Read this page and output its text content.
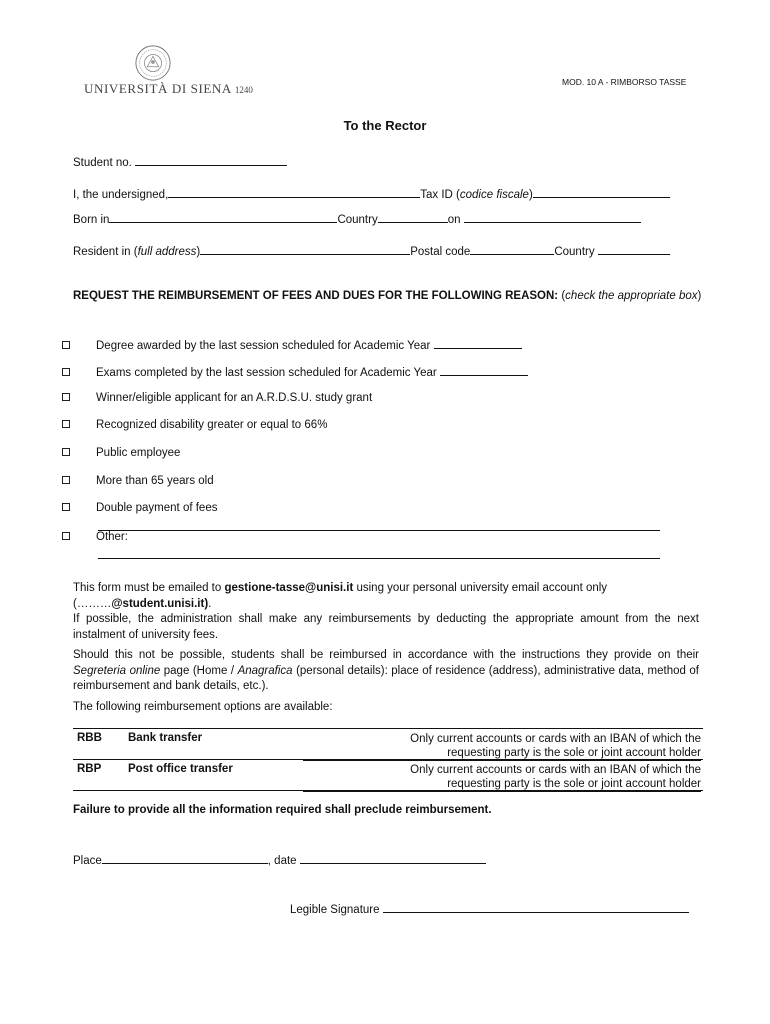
UNIVERSITÀ DI SIENA 1240
MOD. 10 A - RIMBORSO TASSE
To the Rector
Student no.
I, the undersigned,	Tax ID (codice fiscale)
Born in	Country	on
Resident in (full address)	Postal code	Country
REQUEST THE REIMBURSEMENT OF FEES AND DUES FOR THE FOLLOWING REASON: (check the appropriate box)
Degree awarded by the last session scheduled for Academic Year
Exams completed by the last session scheduled for Academic Year
Winner/eligible applicant for an A.R.D.S.U. study grant
Recognized disability greater or equal to 66%
Public employee
More than 65 years old
Double payment of fees
Other:
This form must be emailed to gestione-tasse@unisi.it using your personal university email account only
(………@student.unisi.it).
If possible, the administration shall make any reimbursements by deducting the appropriate amount from the next instalment of university fees.
Should this not be possible, students shall be reimbursed in accordance with the instructions they provide on their Segreteria online page (Home / Anagrafica (personal details): place of residence (address), administrative data, method of reimbursement and bank details, etc.).
The following reimbursement options are available:
RBB Bank transfer	Only current accounts or cards with an IBAN of which the
requesting party is the sole or joint account holder
RBP Post office transfer	Only current accounts or cards with an IBAN of which the
requesting party is the sole or joint account holder
Failure to provide all the information required shall preclude reimbursement.
Place	, date
Legible Signature
